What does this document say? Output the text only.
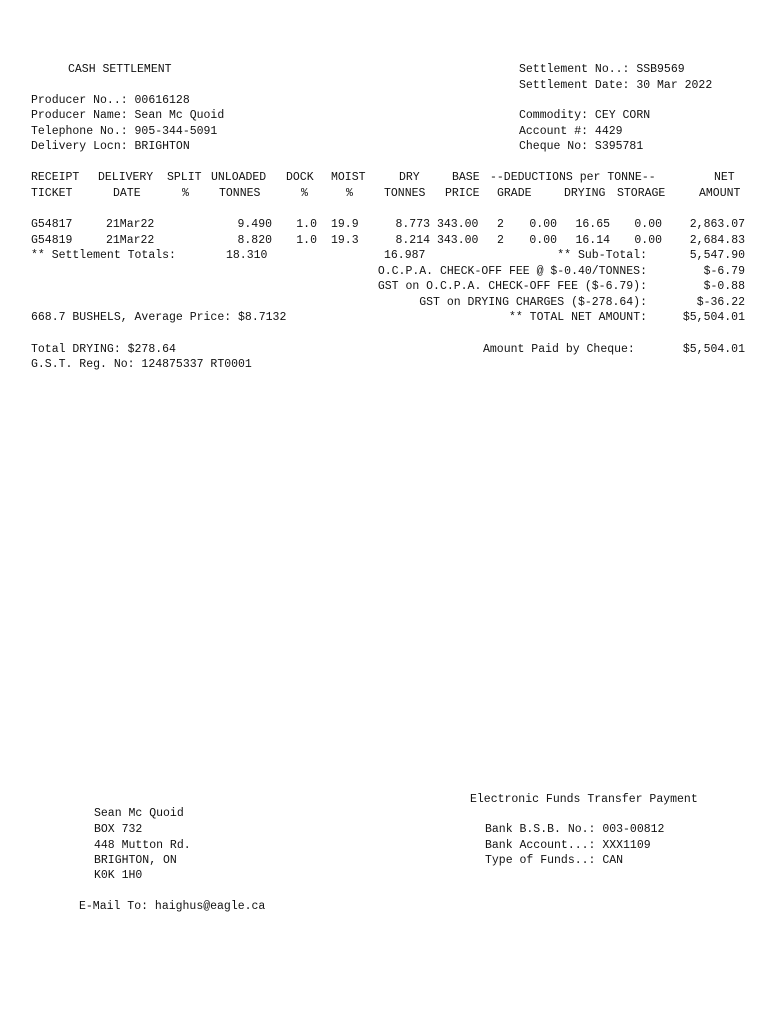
CASH SETTLEMENT	Settlement No..: SSB9569
Settlement Date: 30 Mar 2022
Producer No..: 00616128
Producer Name: Sean Mc Quoid
Telephone No.: 905-344-5091
Delivery Locn: BRIGHTON
Commodity: CEY CORN
Account #: 4429
Cheque No: S395781
RECEIPT DELIVERY SPLIT UNLOADED DOCK MOIST	DRY	BASE --DEDUCTIONS per TONNE--	NET
TICKET	DATE	%	TONNES	%	%	TONNES PRICE GRADE	DRYING STORAGE	AMOUNT
G54817	21Mar22	9.490 1.0 19.9	8.773 343.00 2 0.00 16.65 0.00 2,863.07
G54819	21Mar22	8.820 1.0 19.3	8.214 343.00 2 0.00 16.14 0.00 2,684.83
** Settlement Totals:	18.310	16.987	** Sub-Total:	5,547.90
O.C.P.A. CHECK-OFF FEE @ $-0.40/TONNES:	$-6.79
GST on O.C.P.A. CHECK-OFF FEE ($-6.79):	$-0.88
GST on DRYING CHARGES ($-278.64):	$-36.22
668.7 BUSHELS, Average Price: $8.7132	** TOTAL NET AMOUNT:	$5,504.01
Total DRYING: $278.64	Amount Paid by Cheque:	$5,504.01
G.S.T. Reg. No: 124875337 RT0001
Electronic Funds Transfer Payment
Bank B.S.B. No.: 003-00812
Bank Account...: XXX1109
Type of Funds..: CAN
Sean Mc Quoid
BOX 732
448 Mutton Rd.
BRIGHTON, ON
K0K 1H0
E-Mail To: haighus@eagle.ca
